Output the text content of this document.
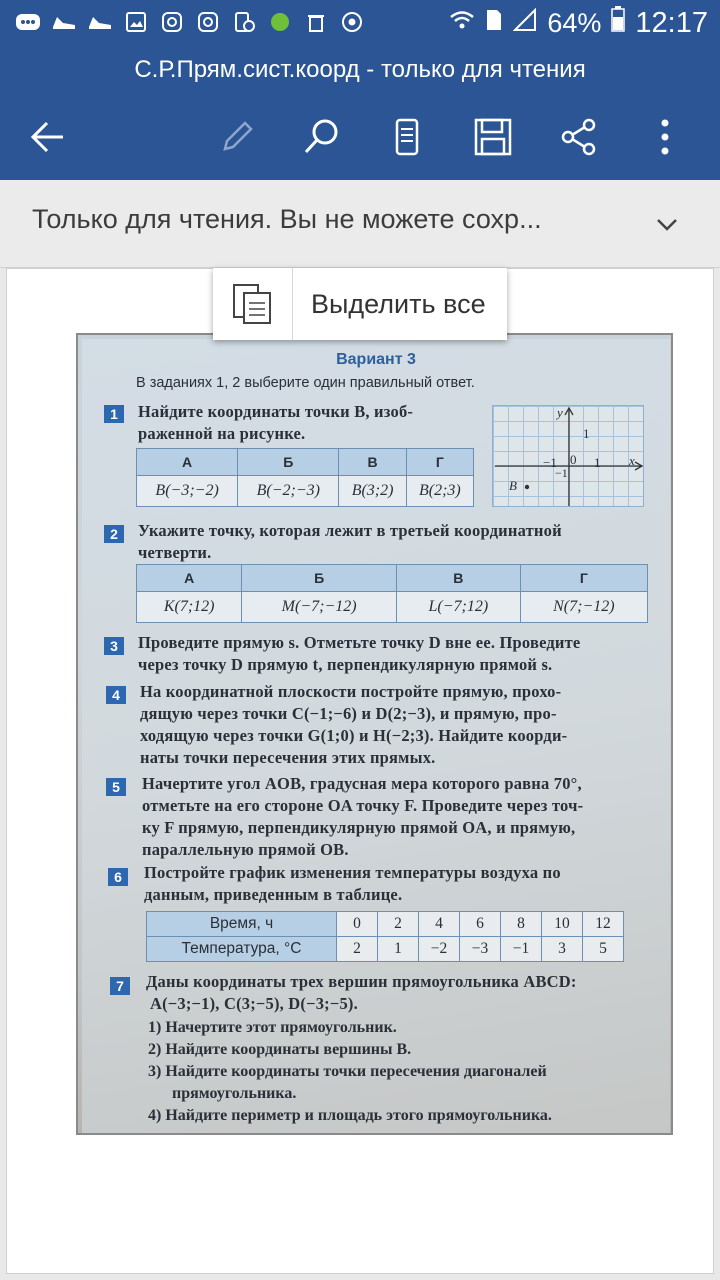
64% 12:17
С.Р.Прям.сист.коорд - только для чтения
Только для чтения. Вы не можете сохр...
Выделить все
Вариант 3
В заданиях 1, 2 выберите один правильный ответ.
1	Найдите координаты точки B, изоб-
раженной на рисунке.
А	Б	В	Г
B(−3;−2)	B(−2;−3)	B(3;2)	B(2;3)
y
1
−1 0 1
−1
x
B
2	Укажите точку, которая лежит в третьей координатной
четверти.
А	Б	В	Г
K(7;12)	M(−7;−12)	L(−7;12)	N(7;−12)
3	Проведите прямую s. Отметьте точку D вне ее. Проведите
через точку D прямую t, перпендикулярную прямой s.
4	На координатной плоскости постройте прямую, прохо-
дящую через точки C(−1;−6) и D(2;−3), и прямую, про-
ходящую через точки G(1;0) и H(−2;3). Найдите коорди-
наты точки пересечения этих прямых.
5	Начертите угол AOB, градусная мера которого равна 70°,
отметьте на его стороне OA точку F. Проведите через точ-
ку F прямую, перпендикулярную прямой OA, и прямую,
параллельную прямой OB.
6	Постройте график изменения температуры воздуха по
данным, приведенным в таблице.
Время, ч	0	2	4	6	8	10	12
Температура, °C	2	1	−2	−3	−1	3	5
7	Даны координаты трех вершин прямоугольника ABCD:
A(−3;−1), C(3;−5), D(−3;−5).
1) Начертите этот прямоугольник.
2) Найдите координаты вершины B.
3) Найдите координаты точки пересечения диагоналей
прямоугольника.
4) Найдите периметр и площадь этого прямоугольника.
